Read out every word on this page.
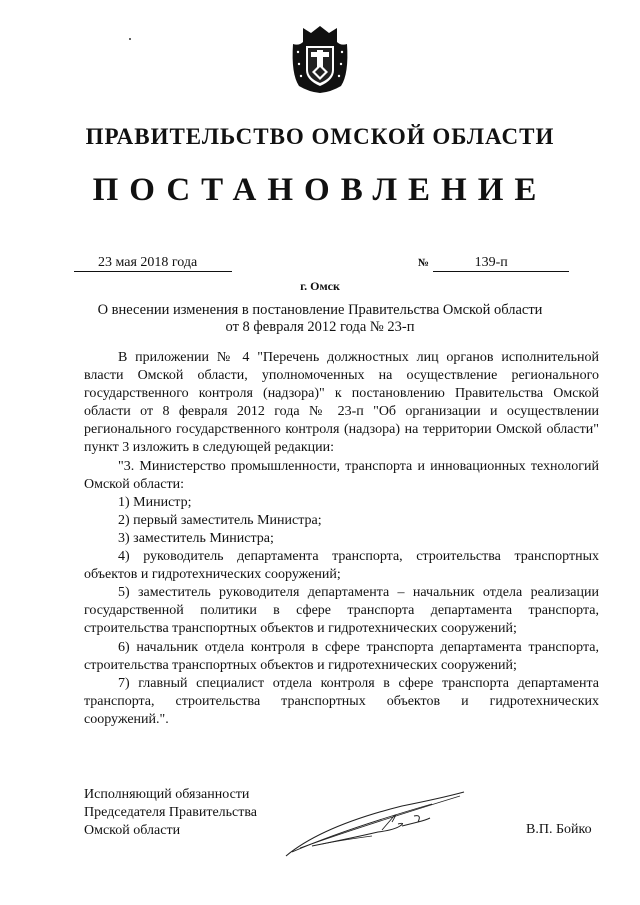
ПРАВИТЕЛЬСТВО ОМСКОЙ ОБЛАСТИ
ПОСТАНОВЛЕНИЕ
23 мая 2018 года	№	139-п
г. Омск
О внесении изменения в постановление Правительства Омской области
от 8 февраля 2012 года № 23-п

В приложении № 4 "Перечень должностных лиц органов исполнительной власти Омской области, уполномоченных на осуществление регионального государственного контроля (надзора)" к постановлению Правительства Омской области от 8 февраля 2012 года № 23-п "Об организации и осуществлении регионального государственного контроля (надзора) на территории Омской области" пункт 3 изложить в следующей редакции:

"3. Министерство промышленности, транспорта и инновационных технологий Омской области:

1) Министр;

2) первый заместитель Министра;

3) заместитель Министра;

4) руководитель департамента транспорта, строительства транспортных объектов и гидротехнических сооружений;

5) заместитель руководителя департамента – начальник отдела реализации государственной политики в сфере транспорта департамента транспорта, строительства транспортных объектов и гидротехнических сооружений;

6) начальник отдела контроля в сфере транспорта департамента транспорта, строительства транспортных объектов и гидротехнических сооружений;

7) главный специалист отдела контроля в сфере транспорта департамента транспорта, строительства транспортных объектов и гидротехнических сооружений.".

Исполняющий обязанности
Председателя Правительства
Омской области	В.П. Бойко
